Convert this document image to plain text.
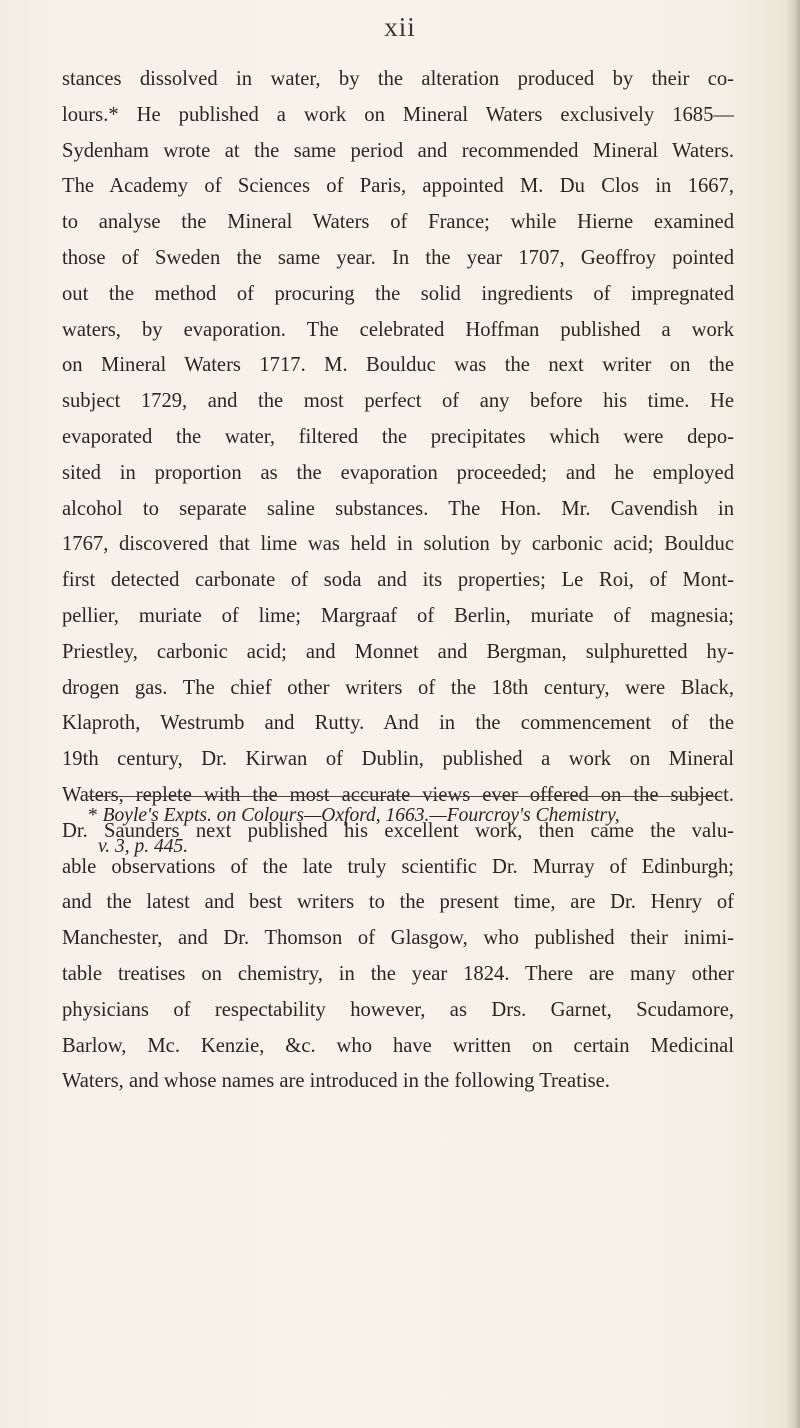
xii
stances dissolved in water, by the alteration produced by their co-
lours.* He published a work on Mineral Waters exclusively 1685—
Sydenham wrote at the same period and recommended Mineral Waters.
The Academy of Sciences of Paris, appointed M. Du Clos in 1667,
to analyse the Mineral Waters of France; while Hierne examined
those of Sweden the same year. In the year 1707, Geoffroy pointed
out the method of procuring the solid ingredients of impregnated
waters, by evaporation. The celebrated Hoffman published a work
on Mineral Waters 1717. M. Boulduc was the next writer on the
subject 1729, and the most perfect of any before his time. He
evaporated the water, filtered the precipitates which were depo-
sited in proportion as the evaporation proceeded; and he employed
alcohol to separate saline substances. The Hon. Mr. Cavendish in
1767, discovered that lime was held in solution by carbonic acid; Boulduc
first detected carbonate of soda and its properties; Le Roi, of Mont-
pellier, muriate of lime; Margraaf of Berlin, muriate of magnesia;
Priestley, carbonic acid; and Monnet and Bergman, sulphuretted hy-
drogen gas. The chief other writers of the 18th century, were Black,
Klaproth, Westrumb and Rutty. And in the commencement of the
19th century, Dr. Kirwan of Dublin, published a work on Mineral
Waters, replete with the most accurate views ever offered on the subject.
Dr. Saunders next published his excellent work, then came the valu-
able observations of the late truly scientific Dr. Murray of Edinburgh;
and the latest and best writers to the present time, are Dr. Henry of
Manchester, and Dr. Thomson of Glasgow, who published their inimi-
table treatises on chemistry, in the year 1824. There are many other
physicians of respectability however, as Drs. Garnet, Scudamore,
Barlow, Mc. Kenzie, &c. who have written on certain Medicinal
Waters, and whose names are introduced in the following Treatise.
* Boyle's Expts. on Colours—Oxford, 1663.—Fourcroy's Chemistry,
v. 3, p. 445.
